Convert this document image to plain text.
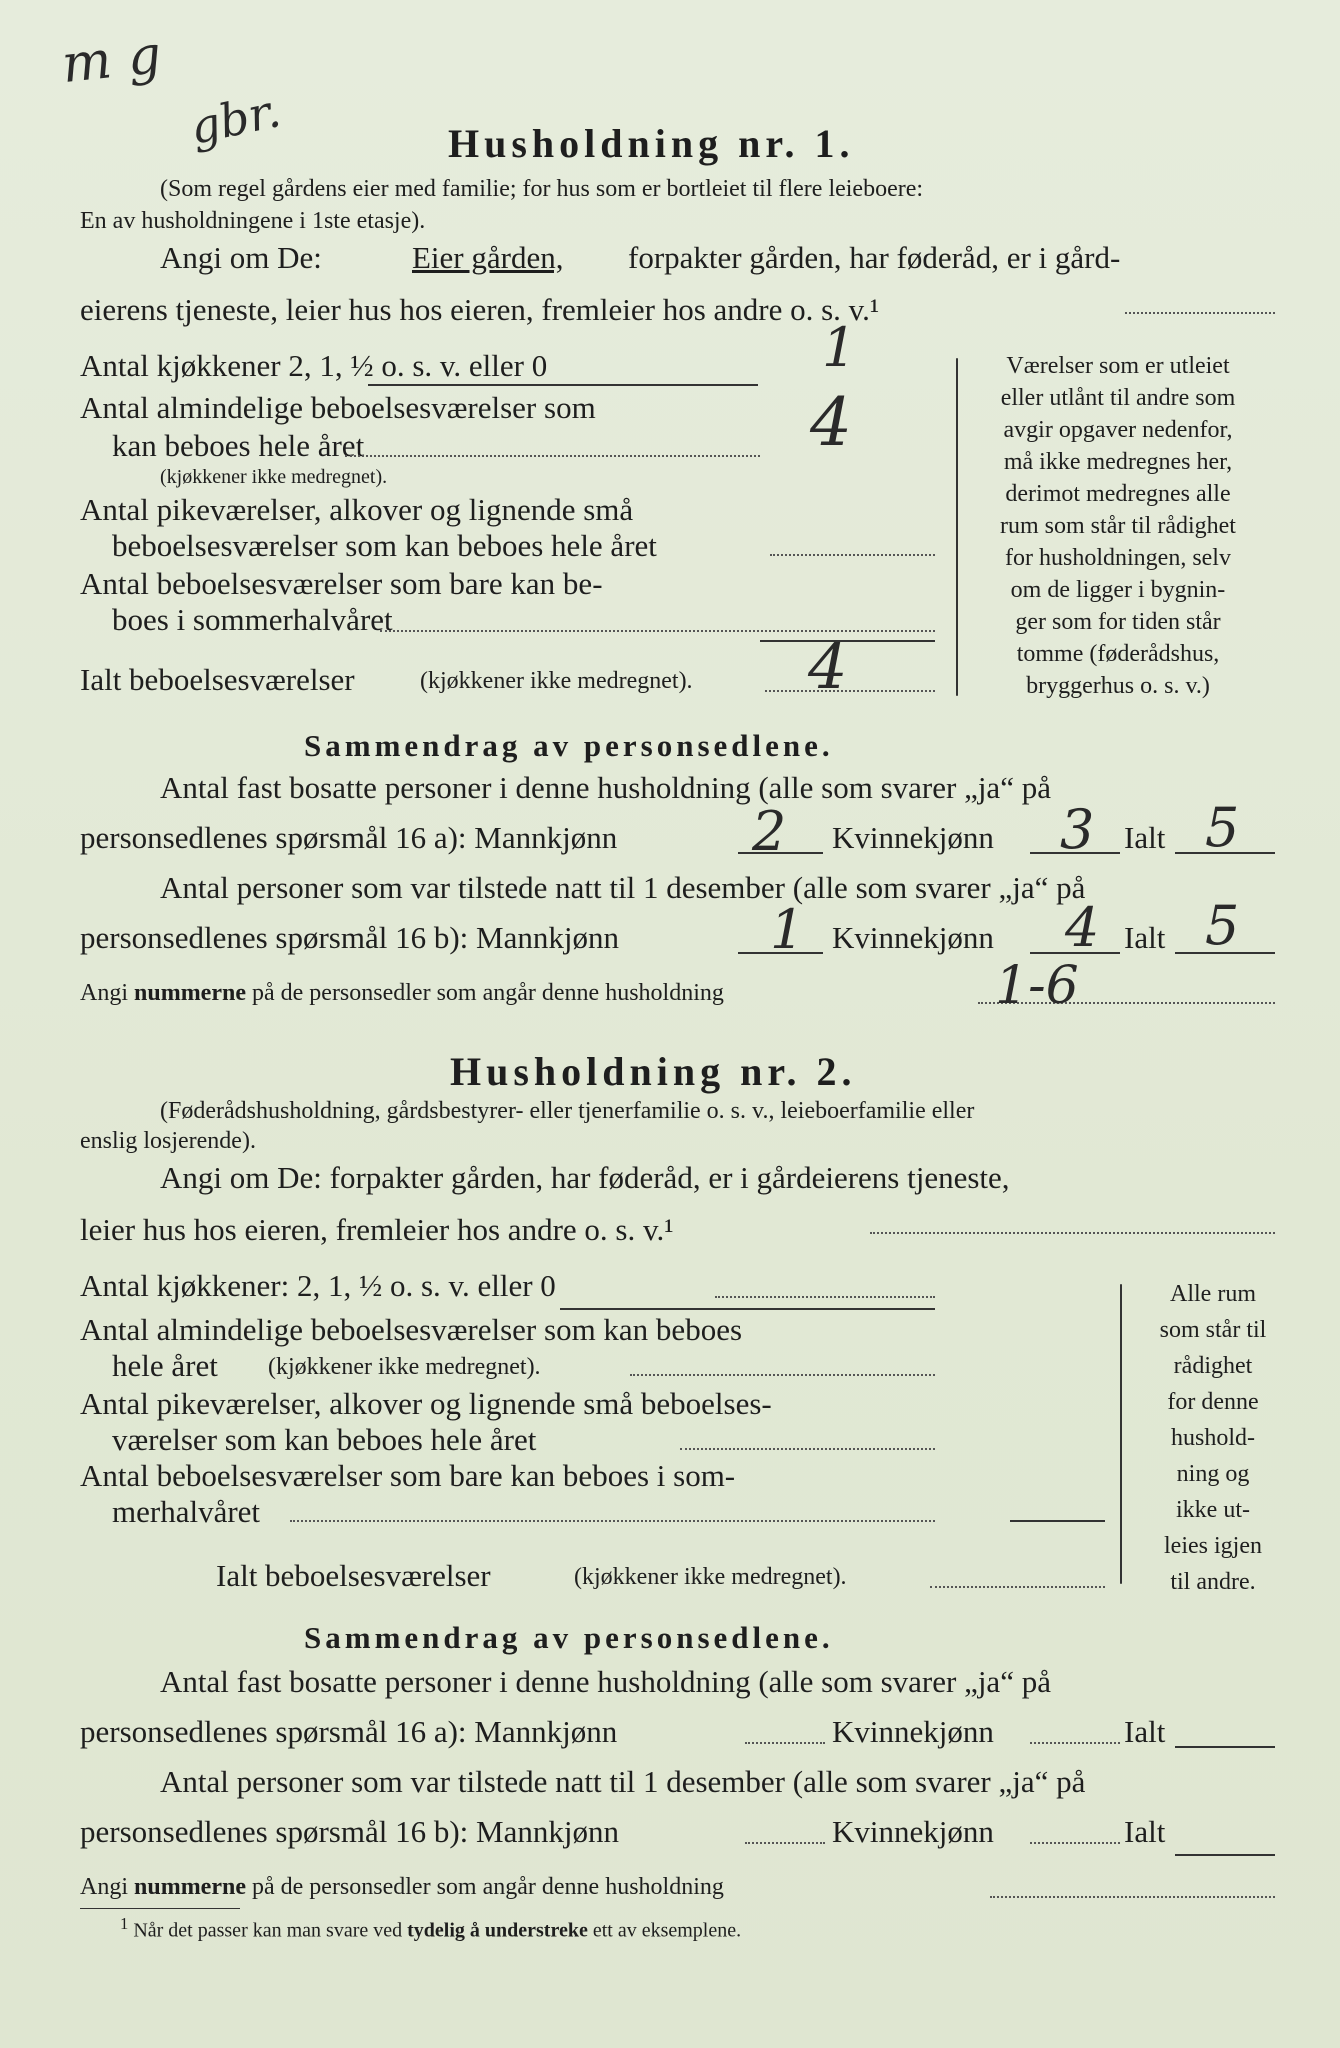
m g
gbr.	Husholdning nr. 1.
(Som regel gårdens eier med familie; for hus som er bortleiet til flere leieboere:
En av husholdningene i 1ste etasje).
Angi om De:	Eier gården, forpakter gården, har føderåd, er i gård-
eierens tjeneste, leier hus hos eieren, fremleier hos andre o. s. v.¹
Antal kjøkkener 2, 1, ½ o. s. v. eller 0	1
Antal almindelige beboelsesværelser som
kan beboes hele året	4
(kjøkkener ikke medregnet).
Antal pikeværelser, alkover og lignende små
beboelsesværelser som kan beboes hele året
Antal beboelsesværelser som bare kan be-
boes i sommerhalvåret
Ialt beboelsesværelser	(kjøkkener ikke medregnet). 4
Værelser som er utleiet
eller utlånt til andre som
avgir opgaver nedenfor,
må ikke medregnes her,
derimot medregnes alle
rum som står til rådighet
for husholdningen, selv
om de ligger i bygnin-
ger som for tiden står
tomme (føderådshus,
bryggerhus o. s. v.)
Sammendrag av personsedlene.
Antal fast bosatte personer i denne husholdning (alle som svarer „ja“ på
personsedlenes spørsmål 16 a): Mannkjønn 2 Kvinnekjønn 3 Ialt 5
Antal personer som var tilstede natt til 1 desember (alle som svarer „ja“ på
personsedlenes spørsmål 16 b): Mannkjønn	1 Kvinnekjønn 4 Ialt 5
Angi nummerne på de personsedler som angår denne husholdning	1-6
Husholdning nr. 2.
(Føderådshusholdning, gårdsbestyrer- eller tjenerfamilie o. s. v., leieboerfamilie eller
enslig losjerende).
Angi om De: forpakter gården, har føderåd, er i gårdeierens tjeneste,
leier hus hos eieren, fremleier hos andre o. s. v.¹
Antal kjøkkener: 2, 1, ½ o. s. v. eller 0
Antal almindelige beboelsesværelser som kan beboes
hele året (kjøkkener ikke medregnet).
Antal pikeværelser, alkover og lignende små beboelses-
værelser som kan beboes hele året
Antal beboelsesværelser som bare kan beboes i som-
merhalvåret
Ialt beboelsesværelser	(kjøkkener ikke medregnet).
Alle rum
som står til
rådighet
for denne
hushold-
ning og
ikke ut-
leies igjen
til andre.
Sammendrag av personsedlene.
Antal fast bosatte personer i denne husholdning (alle som svarer „ja“ på
personsedlenes spørsmål 16 a): Mannkjønn	Kvinnekjønn	Ialt
Antal personer som var tilstede natt til 1 desember (alle som svarer „ja“ på
personsedlenes spørsmål 16 b): Mannkjønn	Kvinnekjønn	Ialt
Angi nummerne på de personsedler som angår denne husholdning
$^1$ Når det passer kan man svare ved tydelig å understreke ett av eksemplene.
